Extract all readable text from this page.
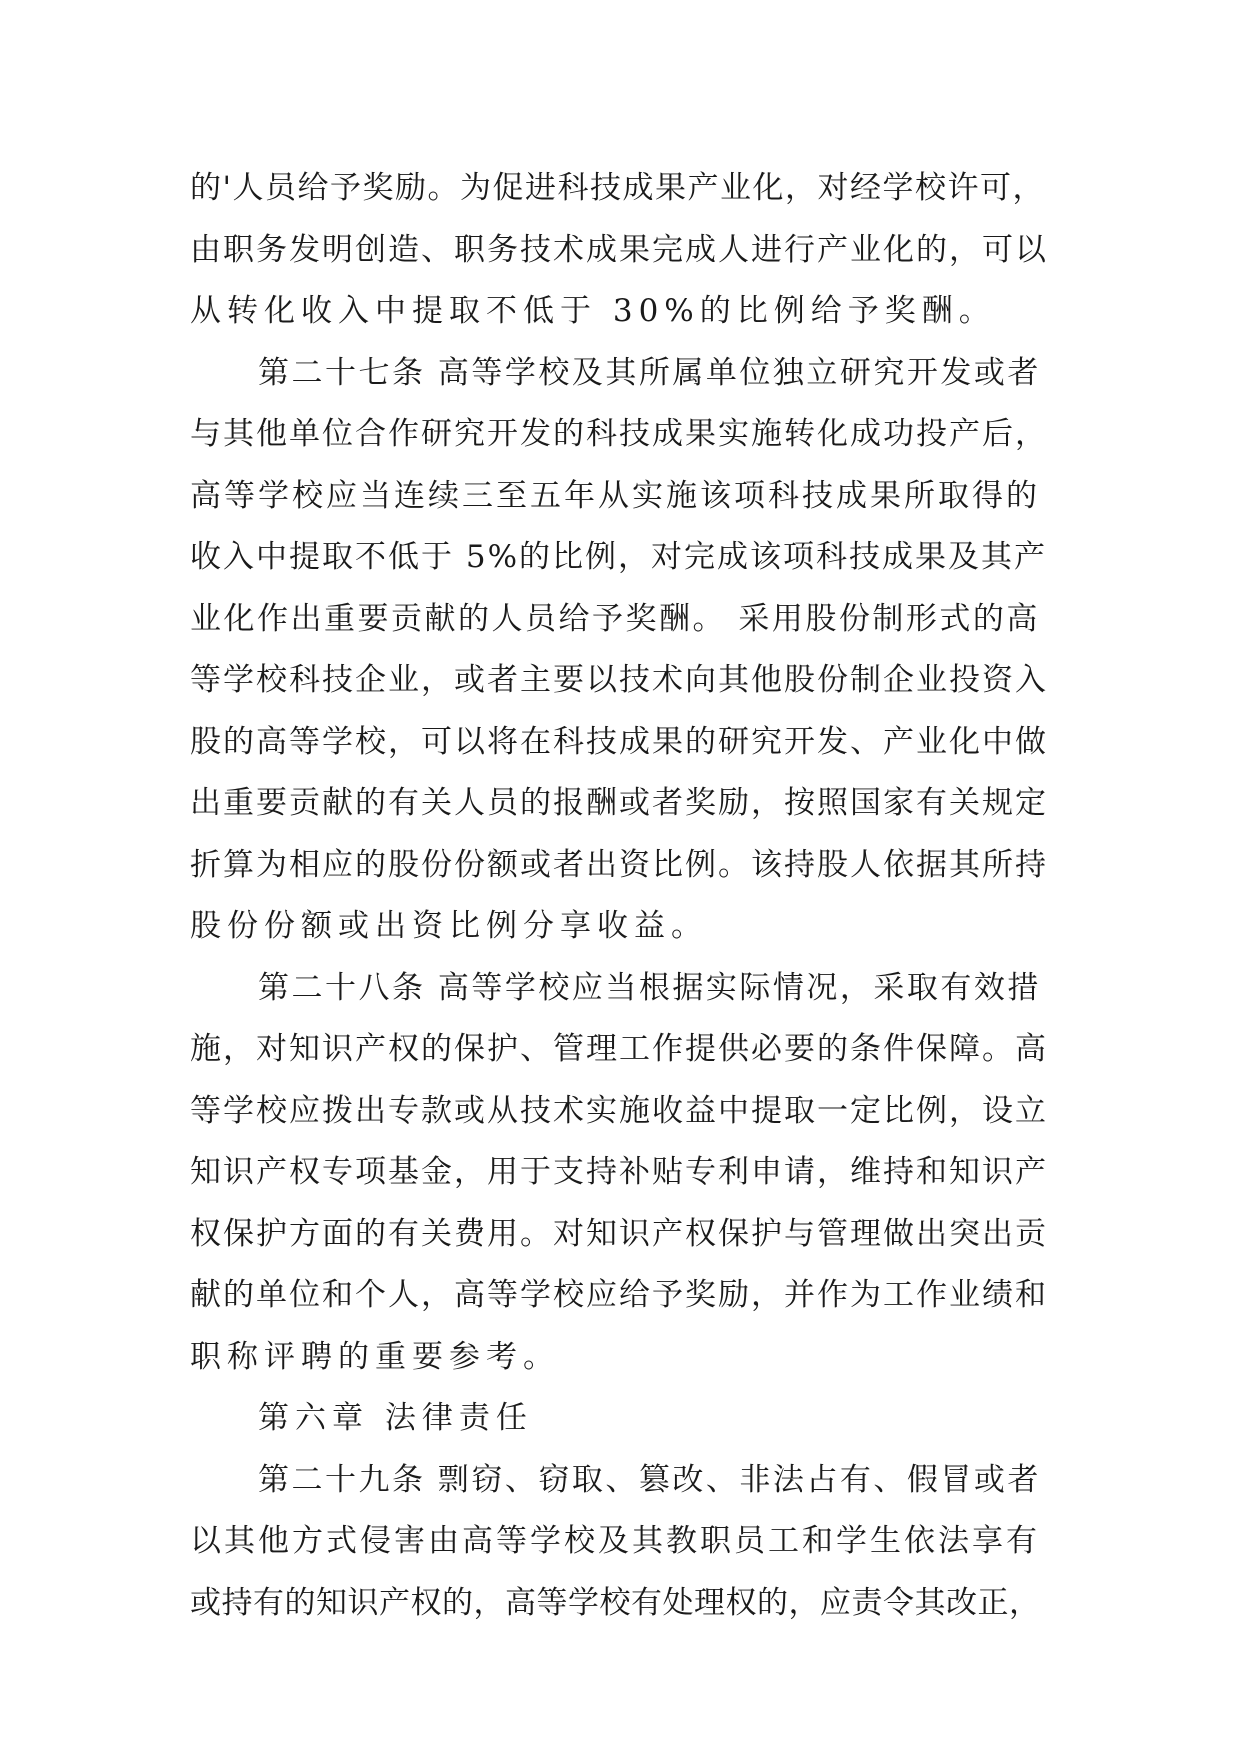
的'人员给予奖励。为促进科技成果产业化，对经学校许可，
由职务发明创造、职务技术成果完成人进行产业化的，可以
从转化收入中提取不低于 30%的比例给予奖酬。
第二十七条 高等学校及其所属单位独立研究开发或者
与其他单位合作研究开发的科技成果实施转化成功投产后，
高等学校应当连续三至五年从实施该项科技成果所取得的
收入中提取不低于 5%的比例，对完成该项科技成果及其产
业化作出重要贡献的人员给予奖酬。 采用股份制形式的高
等学校科技企业，或者主要以技术向其他股份制企业投资入
股的高等学校，可以将在科技成果的研究开发、产业化中做
出重要贡献的有关人员的报酬或者奖励，按照国家有关规定
折算为相应的股份份额或者出资比例。该持股人依据其所持
股份份额或出资比例分享收益。
第二十八条 高等学校应当根据实际情况，采取有效措
施，对知识产权的保护、管理工作提供必要的条件保障。高
等学校应拨出专款或从技术实施收益中提取一定比例，设立
知识产权专项基金，用于支持补贴专利申请，维持和知识产
权保护方面的有关费用。对知识产权保护与管理做出突出贡
献的单位和个人，高等学校应给予奖励，并作为工作业绩和
职称评聘的重要参考。
第六章 法律责任
第二十九条 剽窃、窃取、篡改、非法占有、假冒或者
以其他方式侵害由高等学校及其教职员工和学生依法享有
或持有的知识产权的，高等学校有处理权的，应责令其改正，
